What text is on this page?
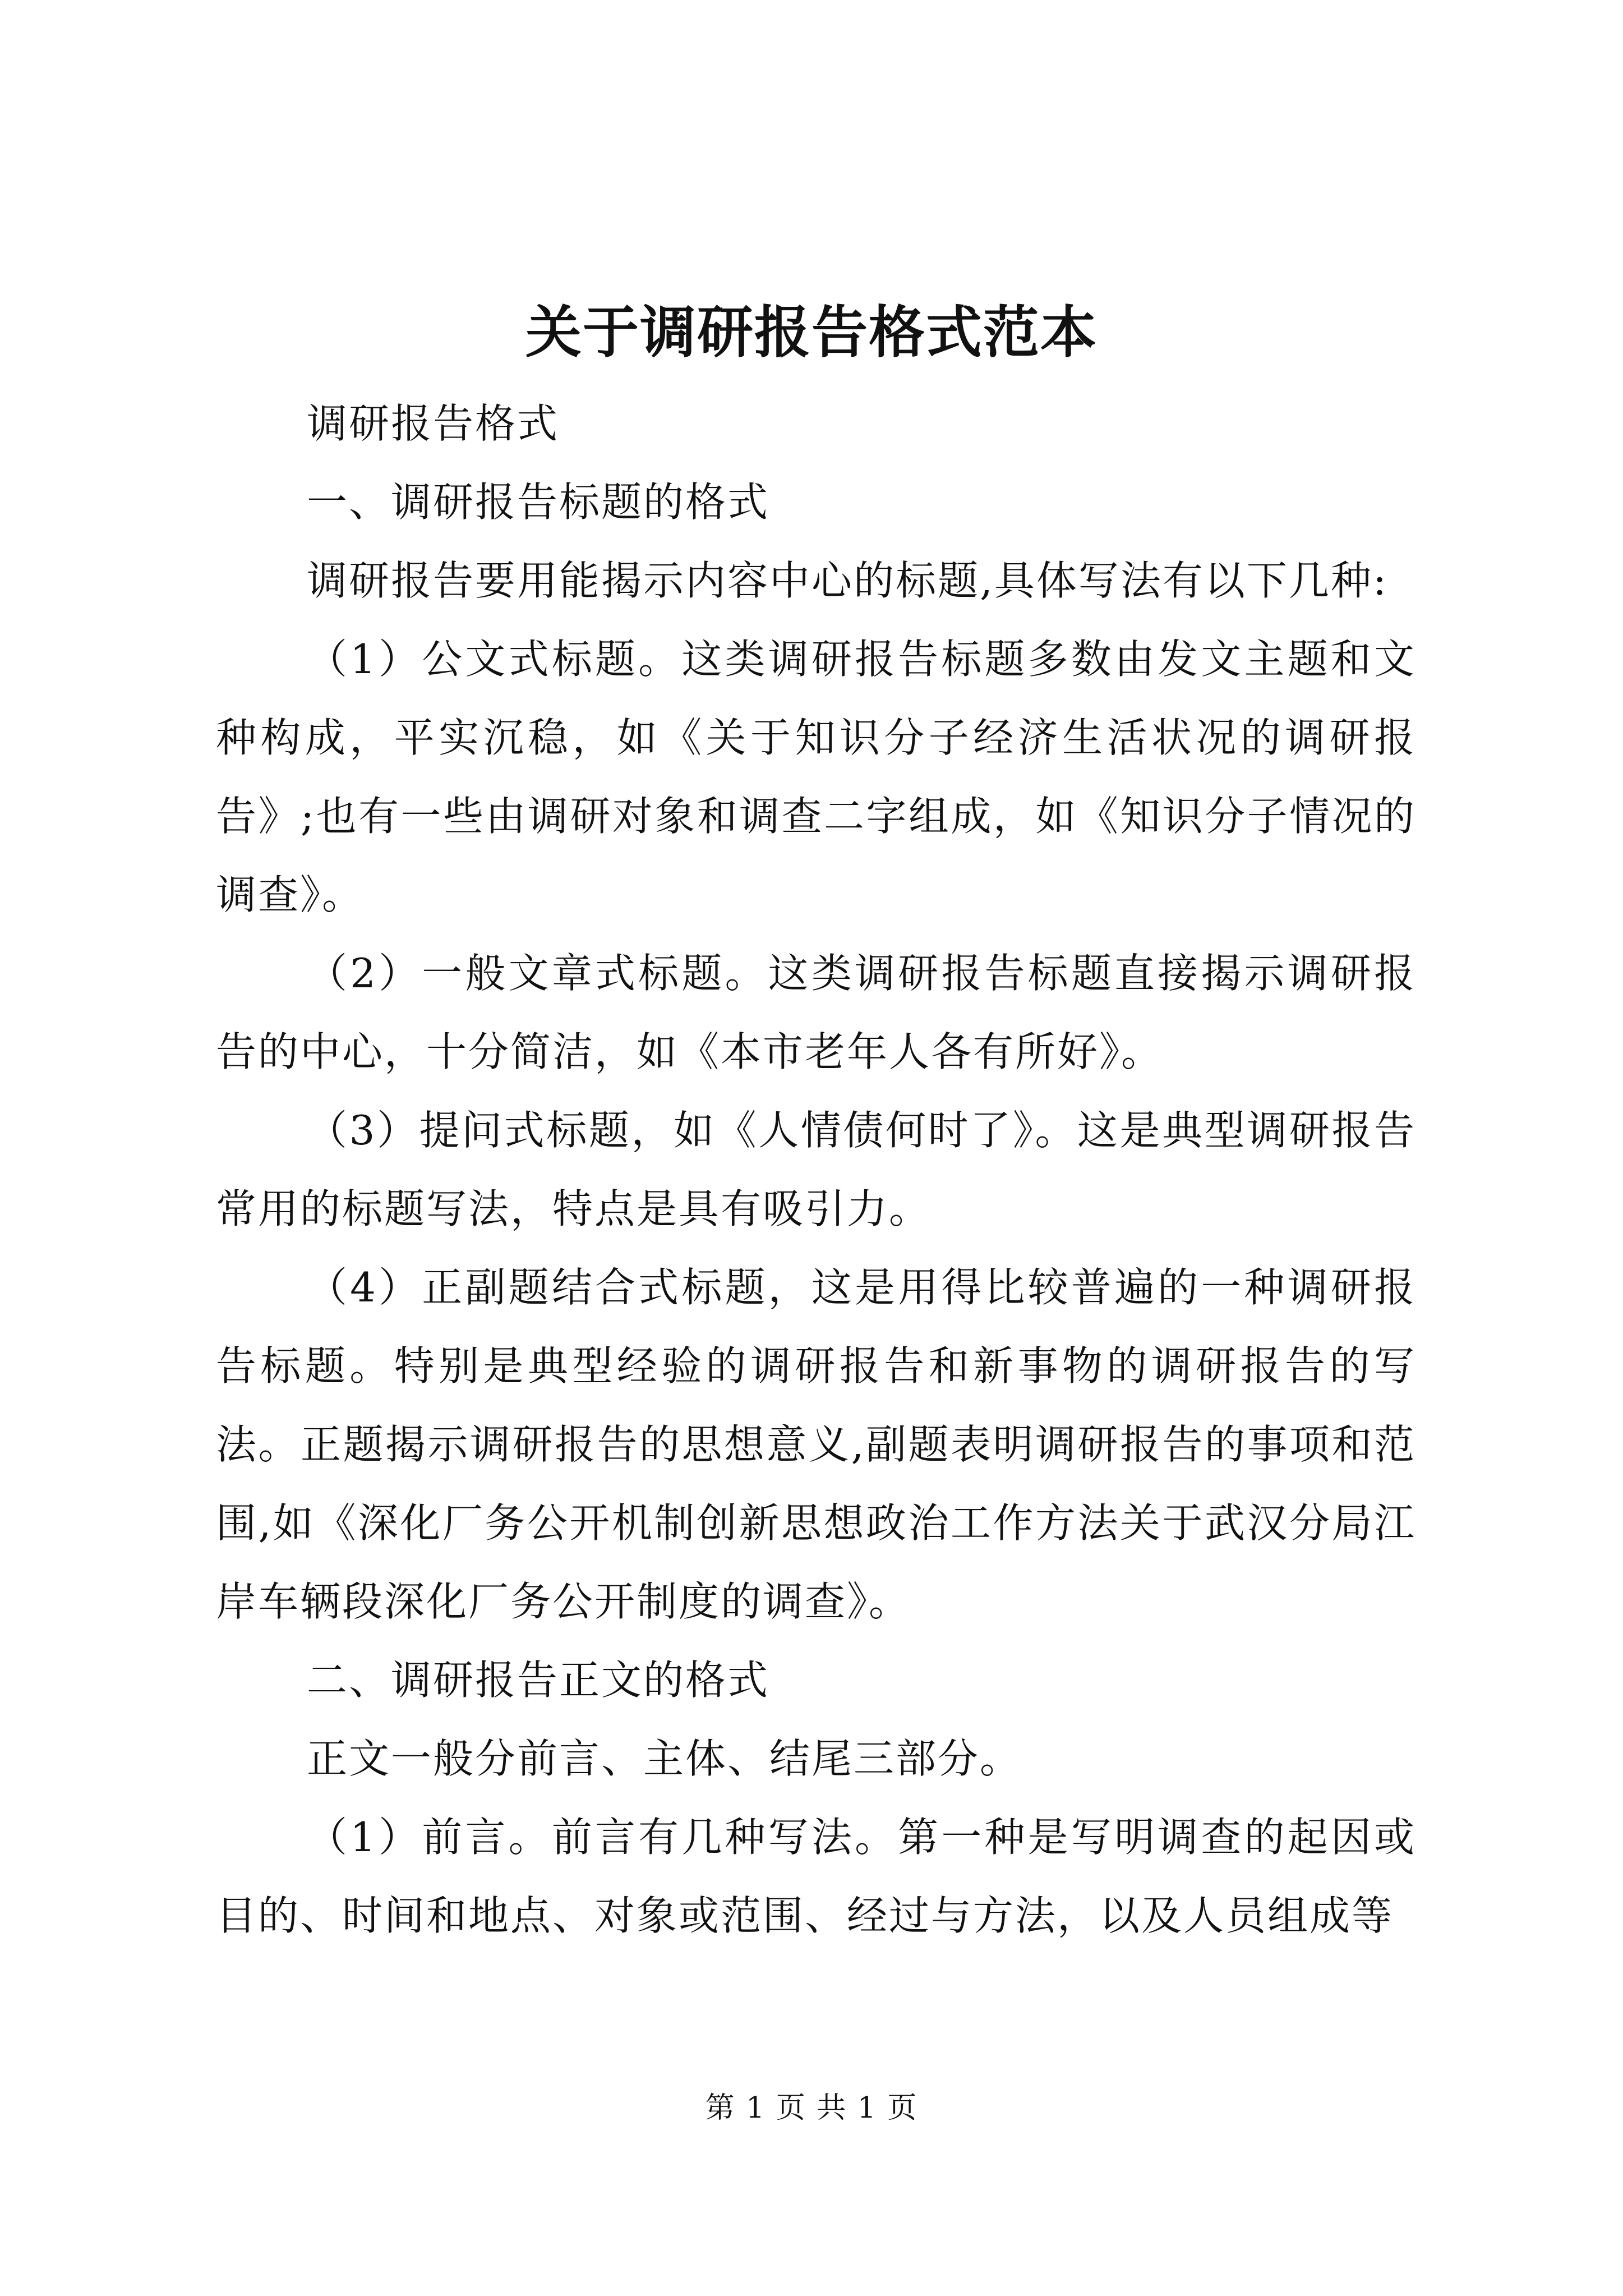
关于调研报告格式范本

调研报告格式

一、调研报告标题的格式

调研报告要用能揭示内容中心的标题,具体写法有以下几种:

（1）公文式标题。这类调研报告标题多数由发文主题和文种构成，平实沉稳，如《关于知识分子经济生活状况的调研报告》;也有一些由调研对象和调查二字组成，如《知识分子情况的调查》。

（2）一般文章式标题。这类调研报告标题直接揭示调研报告的中心，十分简洁，如《本市老年人各有所好》。

（3）提问式标题，如《人情债何时了》。这是典型调研报告常用的标题写法，特点是具有吸引力。

（4）正副题结合式标题，这是用得比较普遍的一种调研报告标题。特别是典型经验的调研报告和新事物的调研报告的写法。正题揭示调研报告的思想意义,副题表明调研报告的事项和范围,如《深化厂务公开机制创新思想政治工作方法关于武汉分局江岸车辆段深化厂务公开制度的调查》。

二、调研报告正文的格式

正文一般分前言、主体、结尾三部分。

（1）前言。前言有几种写法。第一种是写明调查的起因或目的、时间和地点、对象或范围、经过与方法，以及人员组成等

第 1 页 共 1 页
